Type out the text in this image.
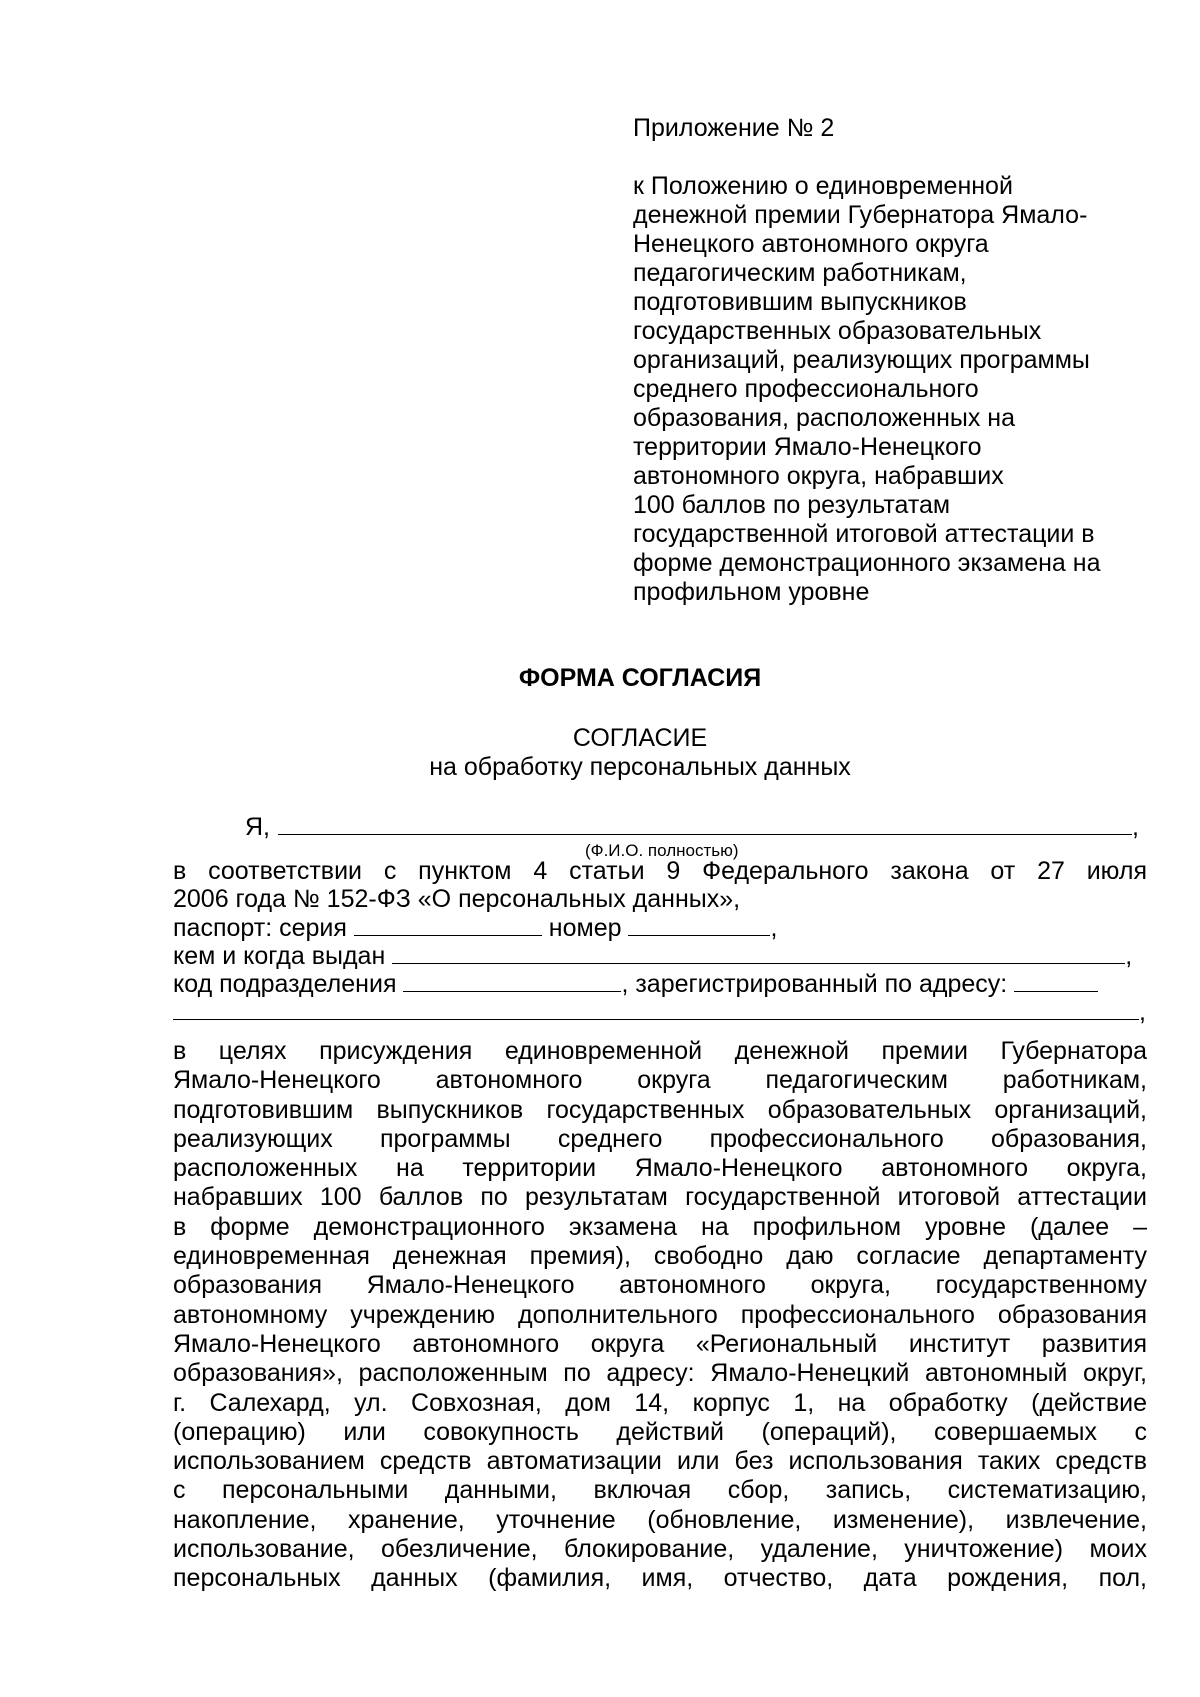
Приложение № 2
к Положению о единовременной
денежной премии Губернатора Ямало-
Ненецкого автономного округа
педагогическим работникам,
подготовившим выпускников
государственных образовательных
организаций, реализующих программы
среднего профессионального
образования, расположенных на
территории Ямало-Ненецкого
автономного округа, набравших
100 баллов по результатам
государственной итоговой аттестации в
форме демонстрационного экзамена на
профильном уровне
ФОРМА СОГЛАСИЯ
СОГЛАСИЕ
на обработку персональных данных
Я,	,
(Ф.И.О. полностью)
в соответствии с пунктом 4 статьи 9 Федерального закона от 27 июля
2006 года № 152-ФЗ «О персональных данных»,
паспорт: серия	номер	,
кем и когда выдан	,
код подразделения	, зарегистрированный по адресу:
,
в целях присуждения единовременной денежной премии Губернатора
Ямало-Ненецкого автономного округа педагогическим работникам,
подготовившим выпускников государственных образовательных организаций,
реализующих программы среднего профессионального образования,
расположенных на территории Ямало-Ненецкого автономного округа,
набравших 100 баллов по результатам государственной итоговой аттестации
в форме демонстрационного экзамена на профильном уровне (далее –
единовременная денежная премия), свободно даю согласие департаменту
образования Ямало-Ненецкого автономного округа, государственному
автономному учреждению дополнительного профессионального образования
Ямало-Ненецкого автономного округа «Региональный институт развития
образования», расположенным по адресу: Ямало-Ненецкий автономный округ,
г. Салехард, ул. Совхозная, дом 14, корпус 1, на обработку (действие
(операцию) или совокупность действий (операций), совершаемых с
использованием средств автоматизации или без использования таких средств
с персональными данными, включая сбор, запись, систематизацию,
накопление, хранение, уточнение (обновление, изменение), извлечение,
использование, обезличение, блокирование, удаление, уничтожение) моих
персональных данных (фамилия, имя, отчество, дата рождения, пол,
